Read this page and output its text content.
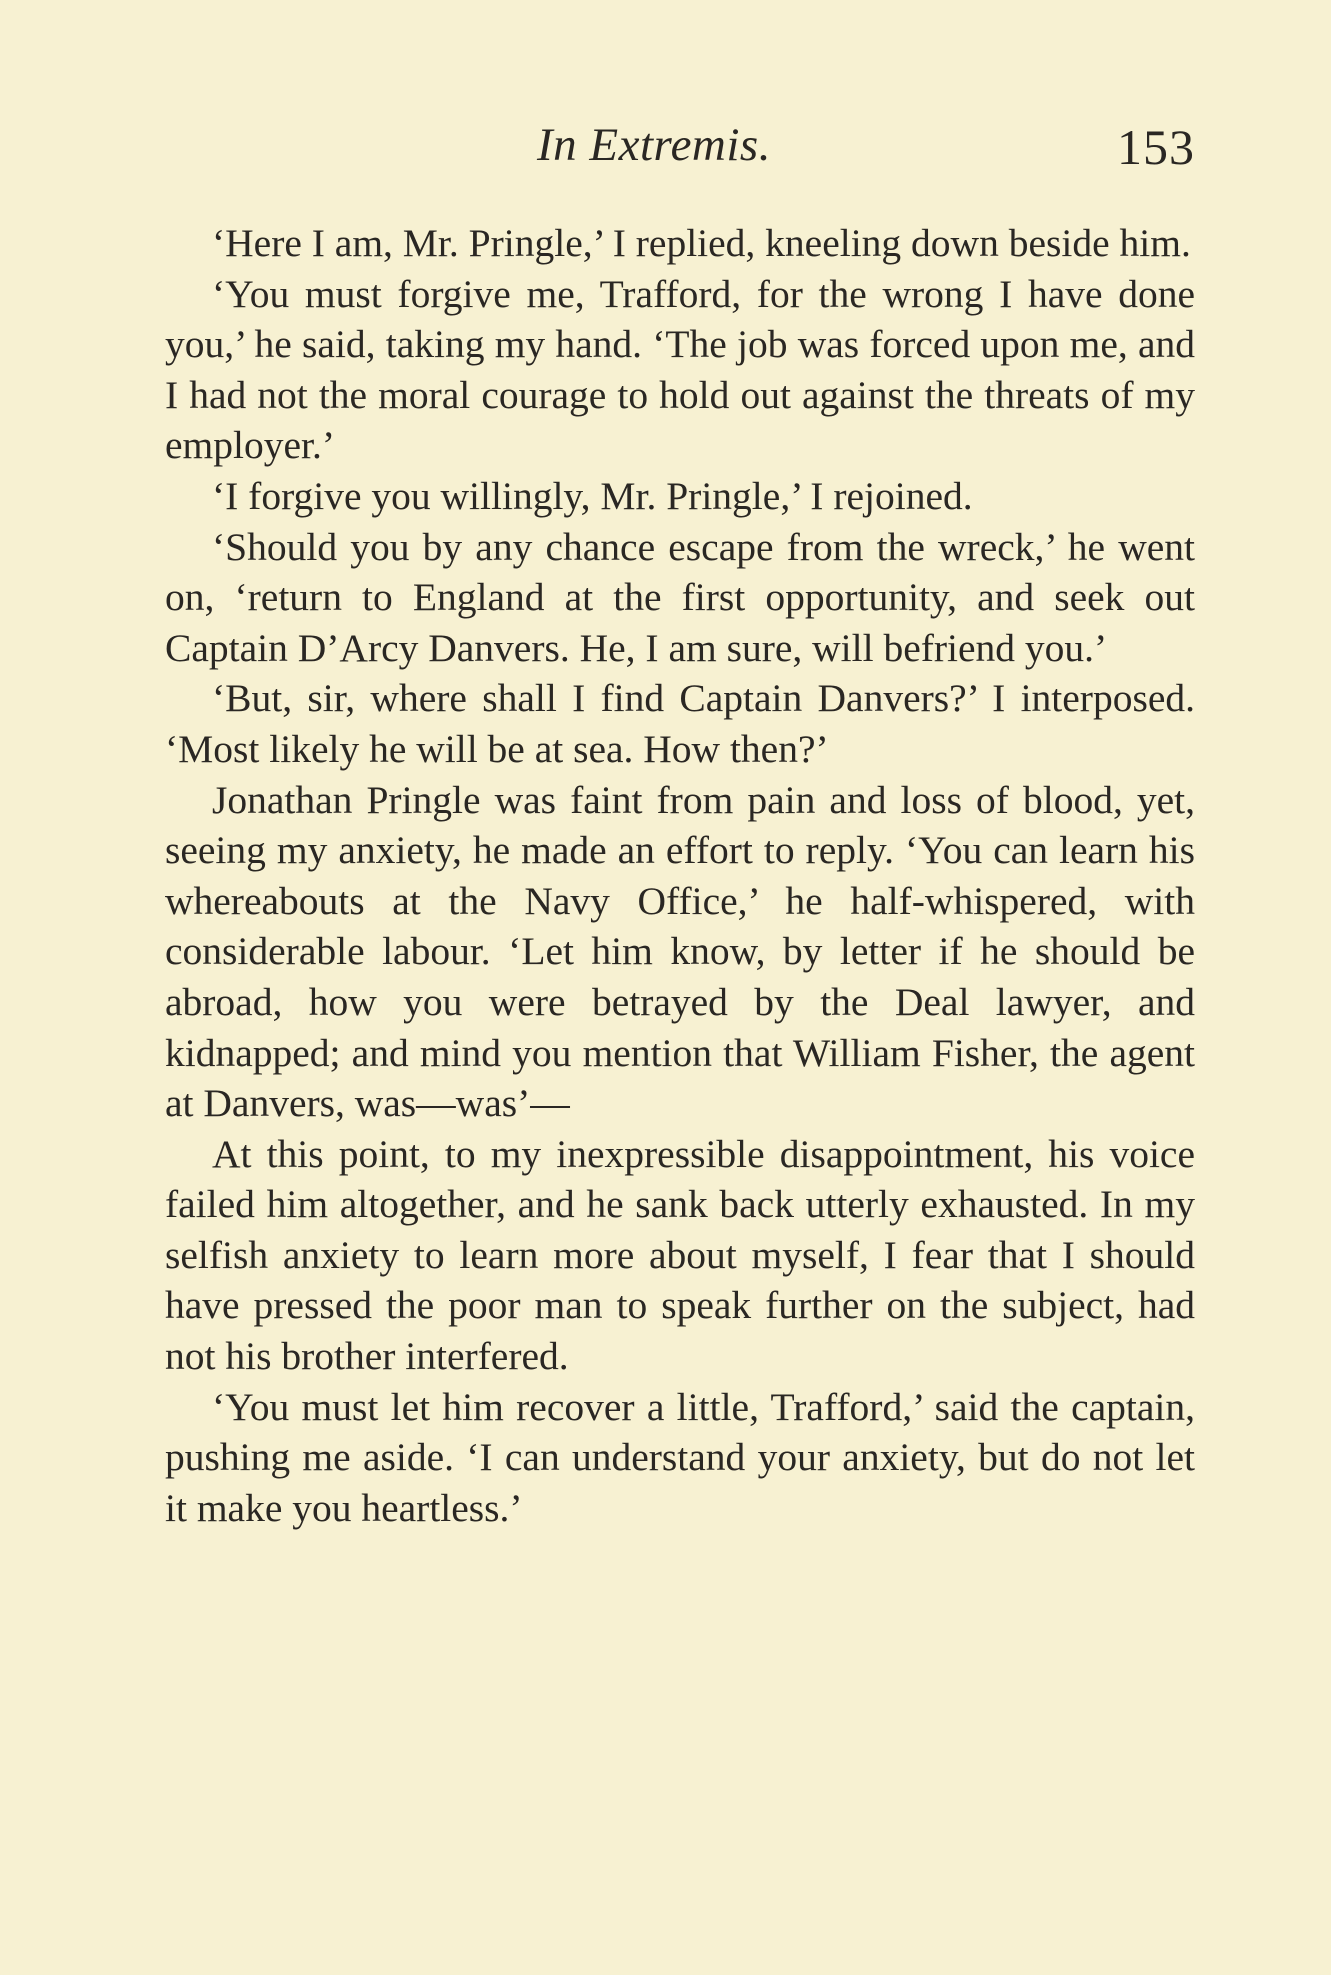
In Extremis.	153

‘Here I am, Mr. Pringle,’ I replied, kneeling down beside him.

‘You must forgive me, Trafford, for the wrong I have done you,’ he said, taking my hand. ‘The job was forced upon me, and I had not the moral courage to hold out against the threats of my employer.’

‘I forgive you willingly, Mr. Pringle,’ I rejoined.

‘Should you by any chance escape from the wreck,’ he went on, ‘return to England at the first opportunity, and seek out Captain D’Arcy Danvers. He, I am sure, will befriend you.’

‘But, sir, where shall I find Captain Danvers?’ I interposed. ‘Most likely he will be at sea. How then?’

Jonathan Pringle was faint from pain and loss of blood, yet, seeing my anxiety, he made an effort to reply. ‘You can learn his whereabouts at the Navy Office,’ he half-whispered, with considerable labour. ‘Let him know, by letter if he should be abroad, how you were betrayed by the Deal lawyer, and kidnapped; and mind you mention that William Fisher, the agent at Danvers, was—was’—

At this point, to my inexpressible disappointment, his voice failed him altogether, and he sank back utterly exhausted. In my selfish anxiety to learn more about myself, I fear that I should have pressed the poor man to speak further on the subject, had not his brother interfered.

‘You must let him recover a little, Trafford,’ said the captain, pushing me aside. ‘I can understand your anxiety, but do not let it make you heartless.’
